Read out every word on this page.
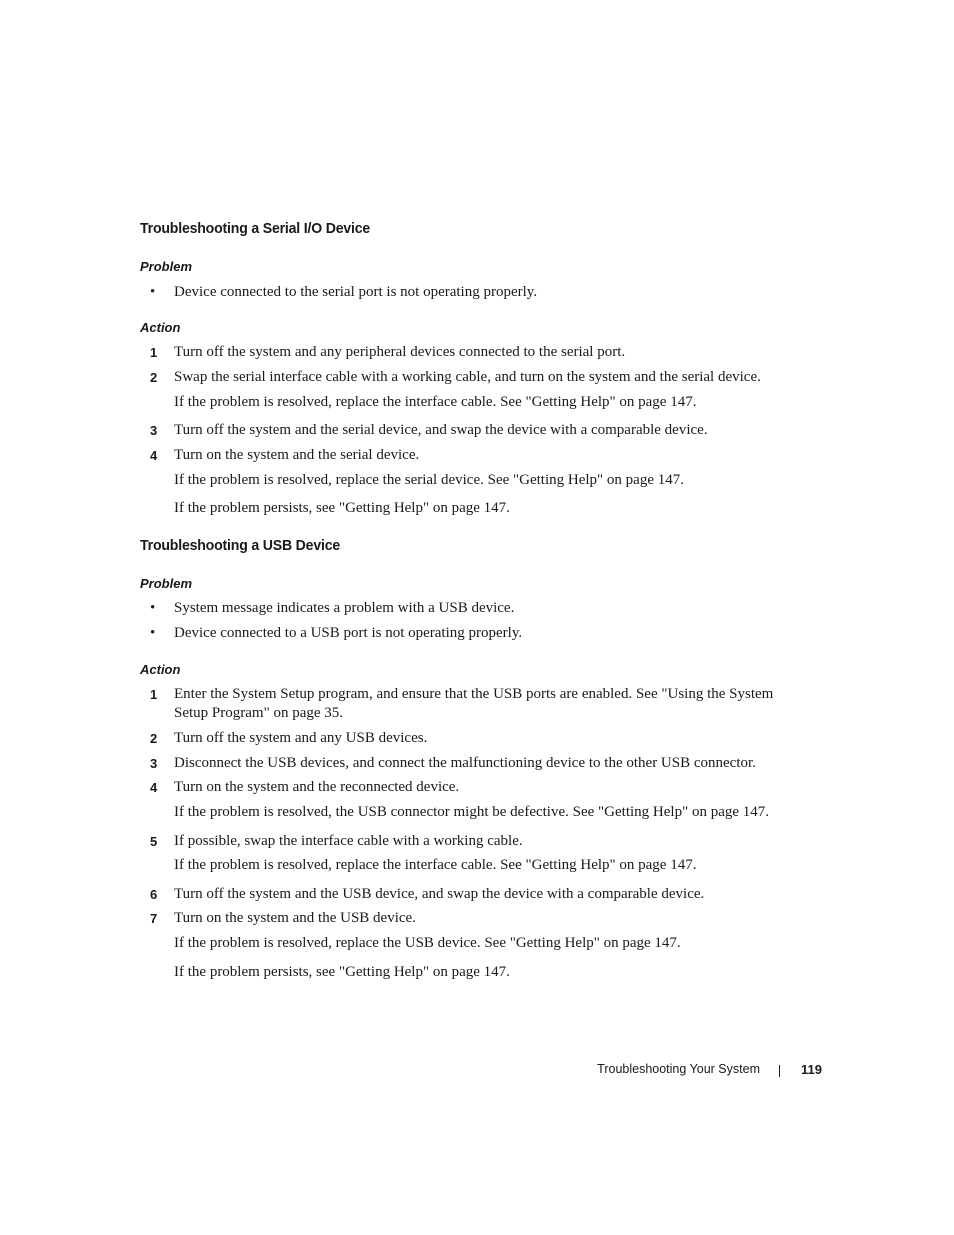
Troubleshooting a Serial I/O Device
Problem
•	Device connected to the serial port is not operating properly.
Action
1	Turn off the system and any peripheral devices connected to the serial port.
2	Swap the serial interface cable with a working cable, and turn on the system and the serial device.
If the problem is resolved, replace the interface cable. See "Getting Help" on page 147.
3	Turn off the system and the serial device, and swap the device with a comparable device.
4	Turn on the system and the serial device.
If the problem is resolved, replace the serial device. See "Getting Help" on page 147.
If the problem persists, see "Getting Help" on page 147.
Troubleshooting a USB Device
Problem
•	System message indicates a problem with a USB device.
•	Device connected to a USB port is not operating properly.
Action
1	Enter the System Setup program, and ensure that the USB ports are enabled. See "Using the System Setup Program" on page 35.
2	Turn off the system and any USB devices.
3	Disconnect the USB devices, and connect the malfunctioning device to the other USB connector.
4	Turn on the system and the reconnected device.
If the problem is resolved, the USB connector might be defective. See "Getting Help" on page 147.
5	If possible, swap the interface cable with a working cable.
If the problem is resolved, replace the interface cable. See "Getting Help" on page 147.
6	Turn off the system and the USB device, and swap the device with a comparable device.
7	Turn on the system and the USB device.
If the problem is resolved, replace the USB device. See "Getting Help" on page 147.
If the problem persists, see "Getting Help" on page 147.
Troubleshooting Your System	119
